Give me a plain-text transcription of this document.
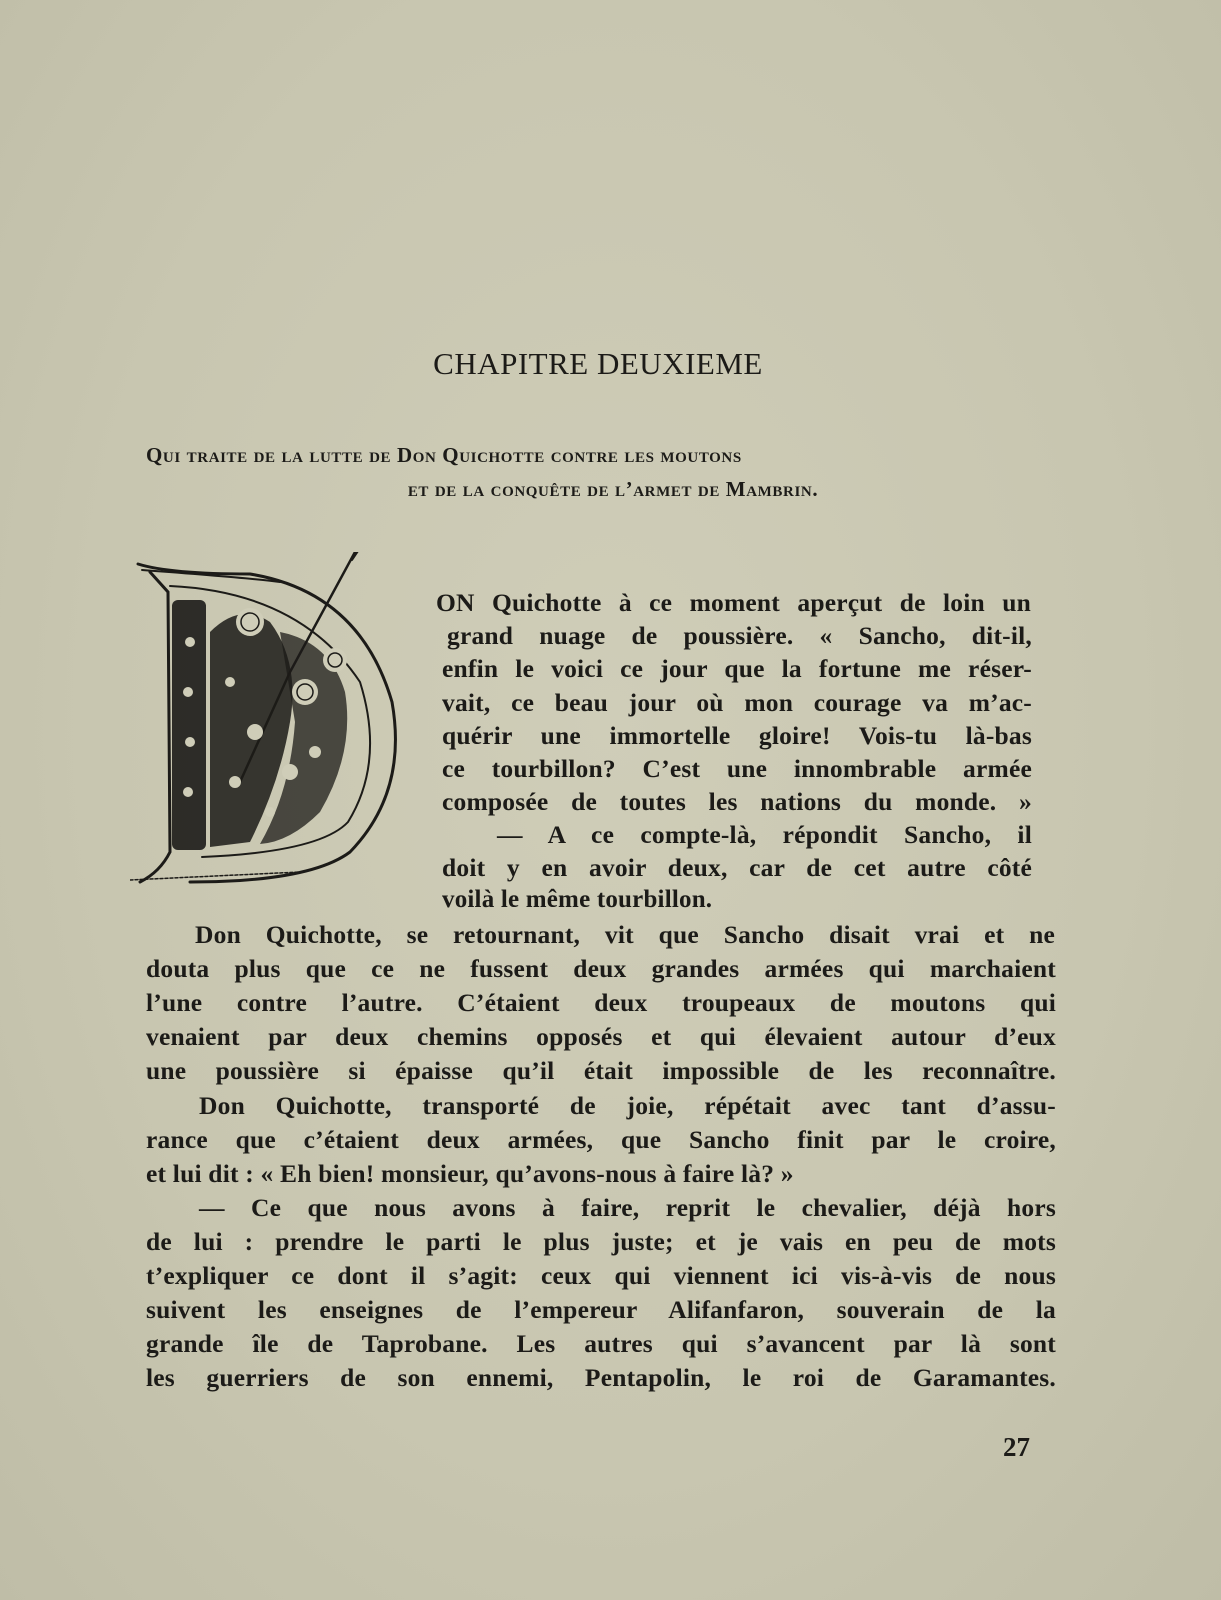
CHAPITRE DEUXIEME
Qui traite de la lutte de Don Quichotte contre les moutons
et de la conquête de l’armet de Mambrin.
ON Quichotte à ce moment aperçut de loin un
grand nuage de poussière. « Sancho, dit-il,
enfin le voici ce jour que la fortune me réser-
vait, ce beau jour où mon courage va m’ac-
quérir une immortelle gloire! Vois-tu là-bas
ce tourbillon? C’est une innombrable armée
composée de toutes les nations du monde. »
— A ce compte-là, répondit Sancho, il
doit y en avoir deux, car de cet autre côté
voilà le même tourbillon.
Don Quichotte, se retournant, vit que Sancho disait vrai et ne
douta plus que ce ne fussent deux grandes armées qui marchaient
l’une contre l’autre. C’étaient deux troupeaux de moutons qui
venaient par deux chemins opposés et qui élevaient autour d’eux
une poussière si épaisse qu’il était impossible de les reconnaître.
Don Quichotte, transporté de joie, répétait avec tant d’assu-
rance que c’étaient deux armées, que Sancho finit par le croire,
et lui dit : « Eh bien! monsieur, qu’avons-nous à faire là? »
— Ce que nous avons à faire, reprit le chevalier, déjà hors
de lui : prendre le parti le plus juste; et je vais en peu de mots
t’expliquer ce dont il s’agit: ceux qui viennent ici vis-à-vis de nous
suivent les enseignes de l’empereur Alifanfaron, souverain de la
grande île de Taprobane. Les autres qui s’avancent par là sont
les guerriers de son ennemi, Pentapolin, le roi de Garamantes.
27
